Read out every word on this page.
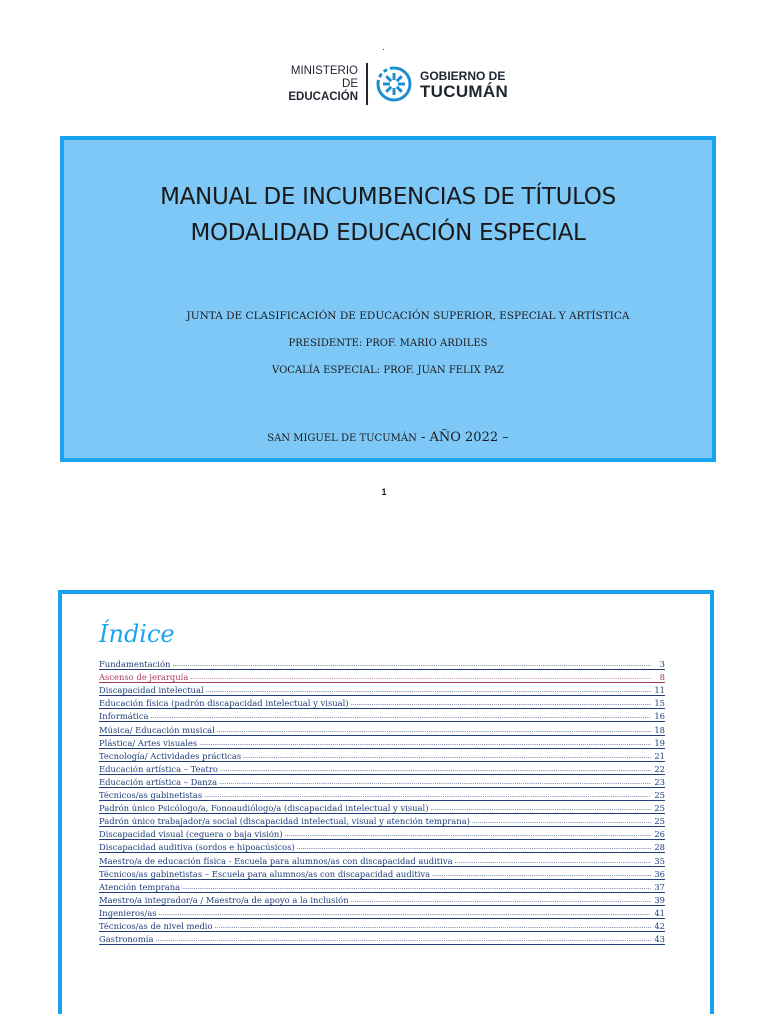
·
MINISTERIO DE
EDUCACIÓN
GOBIERNO DE
TUCUMÁN
MANUAL DE INCUMBENCIAS DE TÍTULOS
MODALIDAD EDUCACIÓN ESPECIAL
JUNTA DE CLASIFICACIÓN DE EDUCACIÓN SUPERIOR, ESPECIAL Y ARTÍSTICA
PRESIDENTE: PROF. MARIO ARDILES
VOCALÍA ESPECIAL: PROF. JUAN FELIX PAZ
SAN MIGUEL DE TUCUMÁN - AÑO 2022 –
1
Índice
Fundamentación .....	3
Ascenso de jerarquía .....	8
Discapacidad intelectual .....	11
Educación física (padrón discapacidad intelectual y visual) .....	15
Informática .....	16
Música/ Educación musical .....	18
Plástica/ Artes visuales .....	19
Tecnología/ Actividades prácticas .....	21
Educación artística – Teatro .....	22
Educación artística – Danza .....	23
Técnicos/as gabinetistas .....	25
Padrón único Psicólogo/a, Fonoaudiólogo/a (discapacidad intelectual y visual) .....	25
Padrón único trabajador/a social (discapacidad intelectual, visual y atención temprana) .....	25
Discapacidad visual (ceguera o baja visión) .....	26
Discapacidad auditiva (sordos e hipoacúsicos) .....	28
Maestro/a de educación física - Escuela para alumnos/as con discapacidad auditiva .....	35
Técnicos/as gabinetistas – Escuela para alumnos/as con discapacidad auditiva .....	36
Atención temprana .....	37
Maestro/a integrador/a / Maestro/a de apoyo a la inclusión .....	39
Ingenieros/as .....	41
Técnicos/as de nivel medio .....	42
Gastronomía .....	43
